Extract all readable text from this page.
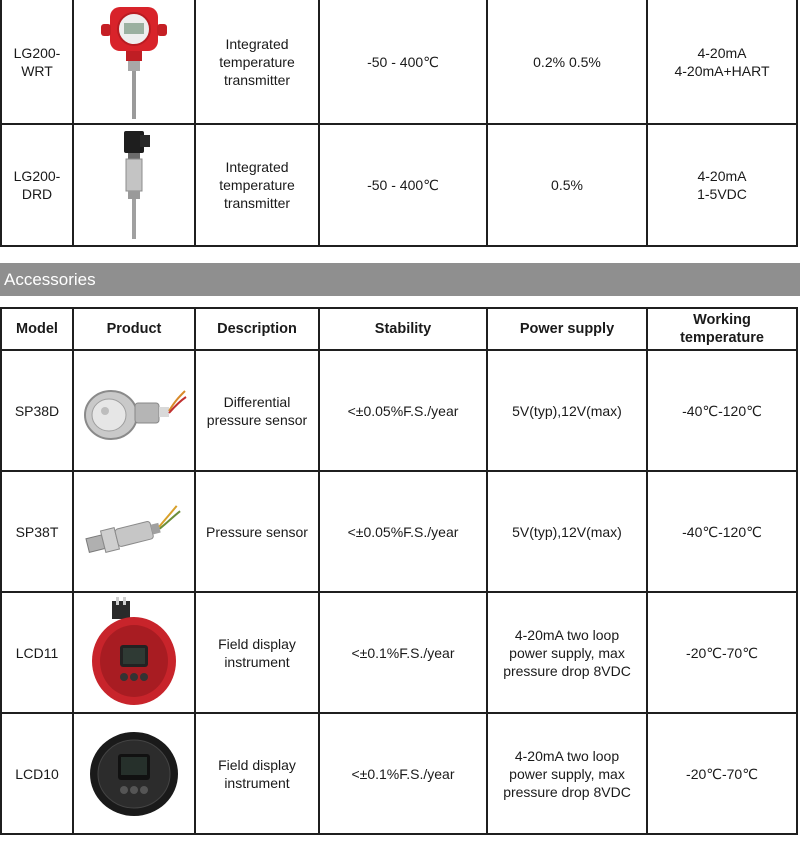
LG200-
WRT		Integrated
temperature
transmitter	-50 - 400℃	0.2% 0.5%	4-20mA
4-20mA+HART
LG200-
DRD		Integrated
temperature
transmitter	-50 - 400℃	0.5%	4-20mA
1-5VDC
Accessories
Model	Product	Description	Stability	Power supply	Working
temperature
SP38D		Differential
pressure sensor	<±0.05%F.S./year	5V(typ),12V(max)	-40℃-120℃
SP38T		Pressure sensor	<±0.05%F.S./year	5V(typ),12V(max)	-40℃-120℃
LCD11		Field display
instrument	<±0.1%F.S./year	4-20mA two loop
power supply, max
pressure drop 8VDC	-20℃-70℃
LCD10		Field display
instrument	<±0.1%F.S./year	4-20mA two loop
power supply, max
pressure drop 8VDC	-20℃-70℃
